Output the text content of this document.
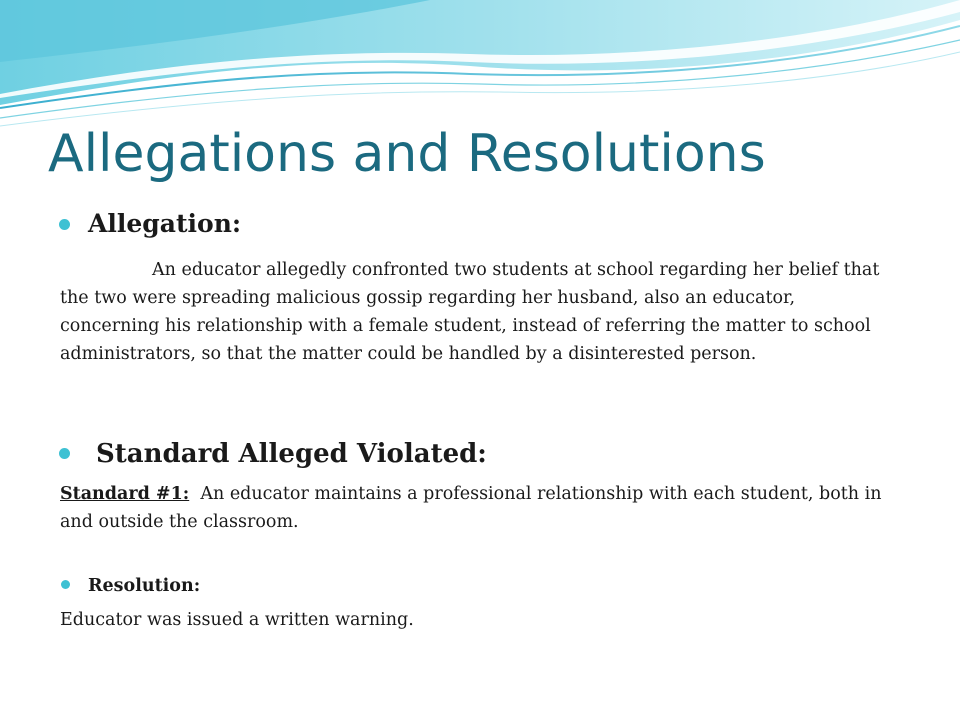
Allegations and Resolutions
Allegation:

An educator allegedly confronted two students at school regarding her belief that the two were spreading malicious gossip regarding her husband, also an educator, concerning his relationship with a female student, instead of referring the matter to school administrators, so that the matter could be handled by a disinterested person.

Standard Alleged Violated:

Standard #1: An educator maintains a professional relationship with each student, both in and outside the classroom.

Resolution:

Educator was issued a written warning.
